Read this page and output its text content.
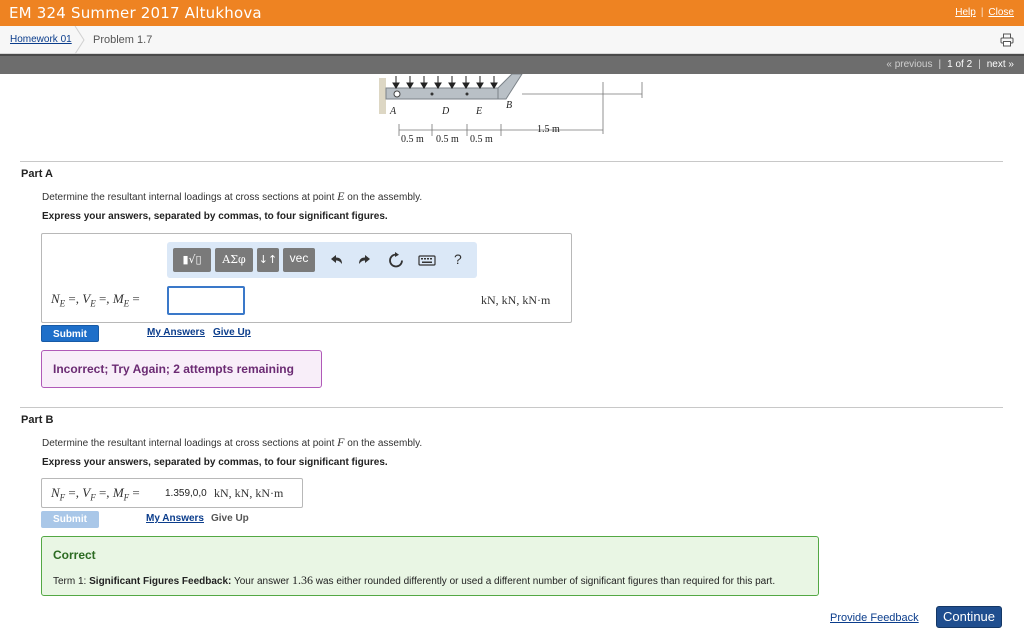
EM 324 Summer 2017 Altukhova	Help | Close
Homework 01 Problem 1.7
« previous | 1 of 2 | next »
A	D	E
B
1.5 m
0.5 m 0.5 m 0.5 m
Part A
Determine the resultant internal loadings at cross sections at point E on the assembly.
Express your answers, separated by commas, to four significant figures.
▮√▯	ΑΣφ	↓↑	vec	?
$N_E$ =, $V_E$ =, $M_E$ =	kN, kN, kN·m
Submit	My Answers Give Up
Incorrect; Try Again; 2 attempts remaining
Part B
Determine the resultant internal loadings at cross sections at point F on the assembly.
Express your answers, separated by commas, to four significant figures.
$N_F$ =, $V_F$ =, $M_F$ =	1.359,0,0 kN, kN, kN·m
Submit	My Answers Give Up
Correct
Term 1: Significant Figures Feedback: Your answer 1.36 was either rounded differently or used a different number of significant figures than required for this part.
Provide Feedback	Continue
